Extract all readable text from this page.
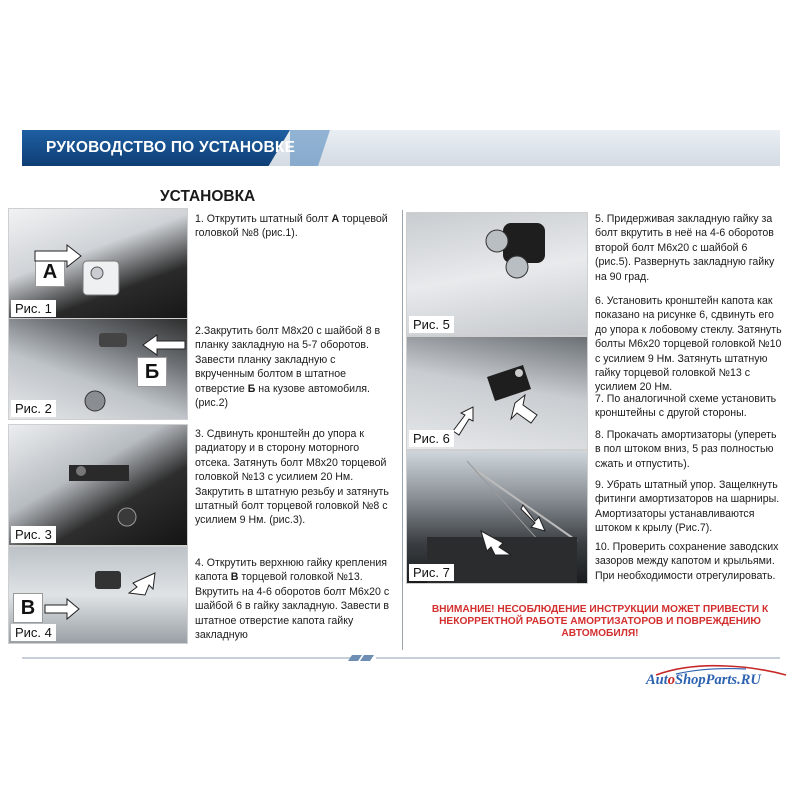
РУКОВОДСТВО ПО УСТАНОВКЕ
УСТАНОВКА
А
Рис. 1
Б
Рис. 2
Рис. 3
В
Рис. 4
Рис. 5
Рис. 6
Рис. 7
1. Открутить штатный болт А торцевой головкой №8 (рис.1).
2.Закрутить болт М8х20 с шайбой 8 в планку закладную на 5-7 оборотов. Завести планку закладную с вкрученным болтом в штатное отверстие Б на кузове автомобиля. (рис.2)
3. Сдвинуть кронштейн до упора к радиатору и в сторону моторного отсека. Затянуть болт М8х20 торцевой головкой №13 с усилием 20 Нм. Закрутить в штатную резьбу и затянуть штатный болт торцевой головкой №8 с усилием 9 Нм. (рис.3).
4. Открутить верхнюю гайку крепления капота В торцевой головкой №13. Вкрутить на 4-6 оборотов болт М6х20 с шайбой 6 в гайку закладную. Завести в штатное отверстие капота гайку закладную
5. Придерживая закладную гайку за болт вкрутить в неё на 4-6 оборотов второй болт М6х20 с шайбой 6 (рис.5). Развернуть закладную гайку на 90 град.
6. Установить кронштейн капота как показано на рисунке 6, сдвинуть его до упора к лобовому стеклу. Затянуть болты М6х20 торцевой головкой №10 с усилием 9 Нм. Затянуть штатную гайку торцевой головкой №13 с усилием 20 Нм.
7. По аналогичной схеме установить кронштейны с другой стороны.
8. Прокачать амортизаторы (упереть в пол штоком вниз, 5 раз полностью сжать и отпустить).
9. Убрать штатный упор. Защелкнуть фитинги амортизаторов на шарниры. Амортизаторы устанавливаются штоком к крылу (Рис.7).
10. Проверить сохранение заводских зазоров между капотом и крыльями. При необходимости отрегулировать.
ВНИМАНИЕ! НЕСОБЛЮДЕНИЕ ИНСТРУКЦИИ МОЖЕТ ПРИВЕСТИ К НЕКОРРЕКТНОЙ РАБОТЕ АМОРТИЗАТОРОВ И ПОВРЕЖДЕНИЮ АВТОМОБИЛЯ!
AutoShopParts.RU
